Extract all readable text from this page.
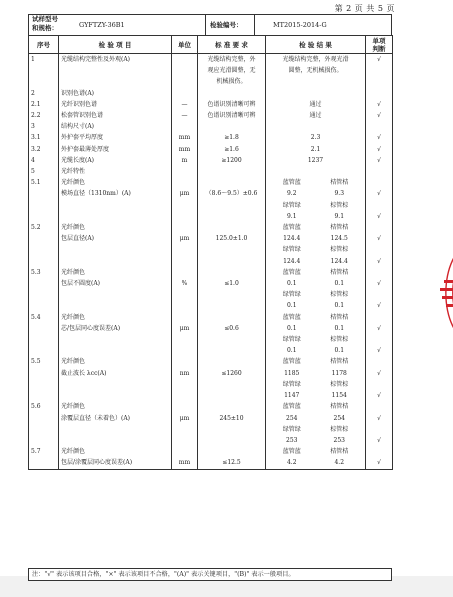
第 2 页 共 5 页
试样型号
和规格：	GYFTZY-36B1	检验编号：	MT2015-2014-G
序号	检 验 项 目	单位	标 准 要 求	检 验 结 果	单项
判断

1	光缆结构完整性及外观(A)		光缆结构完整，外	光缆结构完整，外观光滑	√
			观应光滑圆整，无	圆整，无机械损伤。	
			机械损伤。		

2	识别色谱(A)				
2.1	光纤识别色谱	—	色谱识别清晰可辨	通过	√
2.2	松套管识别色谱	—	色谱识别清晰可辨	通过	√

3	结构尺寸(A)				
3.1	外护套平均厚度	mm	≥1.8	2.3	√
3.2	外护套最薄处厚度	mm	≥1.6	2.1	√

4	光缆长度(A)	m	≥1200	1237	√

5	光纤特性				
5.1	光纤颜色			蓝管蓝 桔管桔	

	模场直径（1310nm）(A)	μm	（8.6～9.5）±0.6	9.2 9.3	√

				绿管绿 棕管棕	

				9.1 9.1	√
5.2	光纤颜色			蓝管蓝 桔管桔	

	包层直径(A)	μm	125.0±1.0	124.4 124.5	√

				绿管绿 棕管棕	

				124.4 124.4	√
5.3	光纤颜色			蓝管蓝 桔管桔	

	包层不圆度(A)	%	≤1.0	0.1 0.1	√

				绿管绿 棕管棕	

				0.1 0.1	√
5.4	光纤颜色			蓝管蓝 桔管桔	

	芯/包层同心度误差(A)	μm	≤0.6	0.1 0.1	√

				绿管绿 棕管棕	

				0.1 0.1	√
5.5	光纤颜色			蓝管蓝 桔管桔	

	截止波长 λcc(A)	nm	≤1260	1185 1178	√

				绿管绿 棕管棕	

				1147 1154	√
5.6	光纤颜色			蓝管蓝 桔管桔	

	涂覆层直径（未着色）(A)	μm	245±10	254 254	√

				绿管绿 棕管棕	

				253 253	√
5.7	光纤颜色			蓝管蓝 桔管桔	

	包层/涂覆层同心度误差(A)	mm	≤12.5	4.2 4.2	√
注："√" 表示该项目合格，"×" 表示该项目不合格，"(A)" 表示关键项目，"(B)" 表示一般项目。
